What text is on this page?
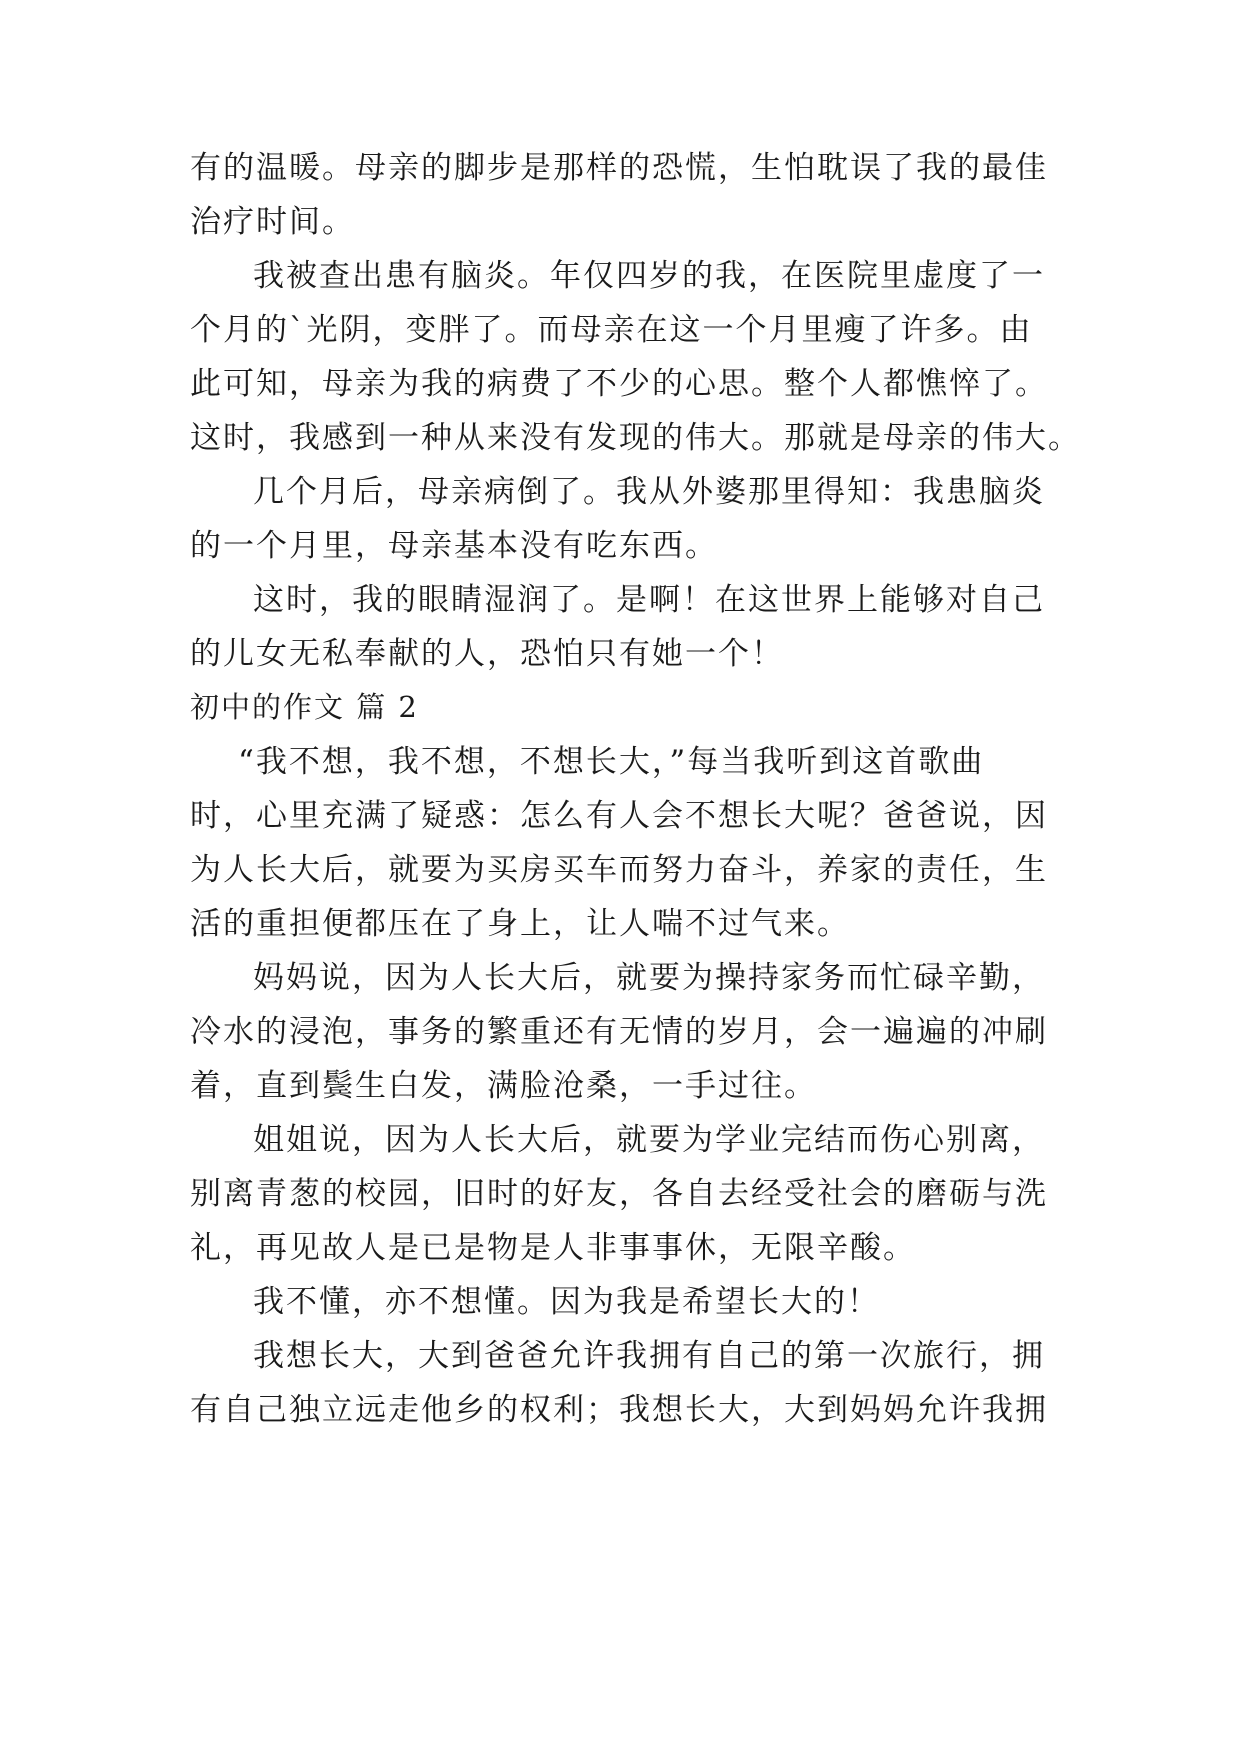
有的温暖。母亲的脚步是那样的恐慌，生怕耽误了我的最佳
治疗时间。
我被查出患有脑炎。年仅四岁的我，在医院里虚度了一
个月的`光阴，变胖了。而母亲在这一个月里瘦了许多。由
此可知，母亲为我的病费了不少的心思。整个人都憔悴了。
这时，我感到一种从来没有发现的伟大。那就是母亲的伟大。
几个月后，母亲病倒了。我从外婆那里得知：我患脑炎
的一个月里，母亲基本没有吃东西。
这时，我的眼睛湿润了。是啊！在这世界上能够对自己
的儿女无私奉献的人，恐怕只有她一个！
初中的作文 篇 2
“我不想，我不想，不想长大，”每当我听到这首歌曲
时，心里充满了疑惑：怎么有人会不想长大呢？爸爸说，因
为人长大后，就要为买房买车而努力奋斗，养家的责任，生
活的重担便都压在了身上，让人喘不过气来。
妈妈说，因为人长大后，就要为操持家务而忙碌辛勤，
冷水的浸泡，事务的繁重还有无情的岁月，会一遍遍的冲刷
着，直到鬓生白发，满脸沧桑，一手过往。
姐姐说，因为人长大后，就要为学业完结而伤心别离，
别离青葱的校园，旧时的好友，各自去经受社会的磨砺与洗
礼，再见故人是已是物是人非事事休，无限辛酸。
我不懂，亦不想懂。因为我是希望长大的！
我想长大，大到爸爸允许我拥有自己的第一次旅行，拥
有自己独立远走他乡的权利；我想长大，大到妈妈允许我拥
